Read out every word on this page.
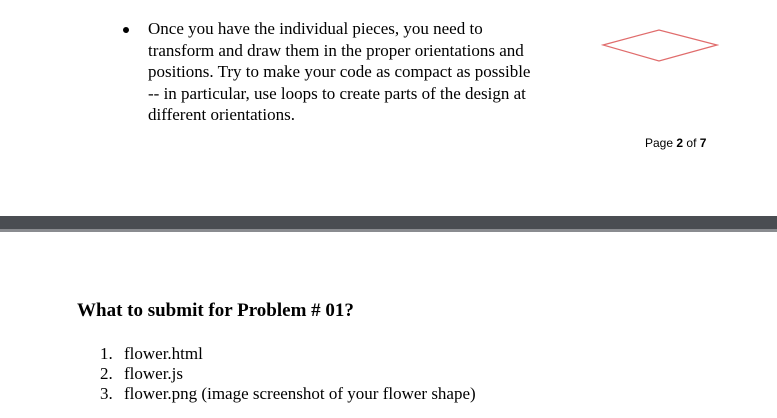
Once you have the individual pieces, you need to
transform and draw them in the proper orientations and
positions. Try to make your code as compact as possible
-- in particular, use loops to create parts of the design at
different orientations.
Page 2 of 7
What to submit for Problem # 01?
1. flower.html
2. flower.js
3. flower.png (image screenshot of your flower shape)
